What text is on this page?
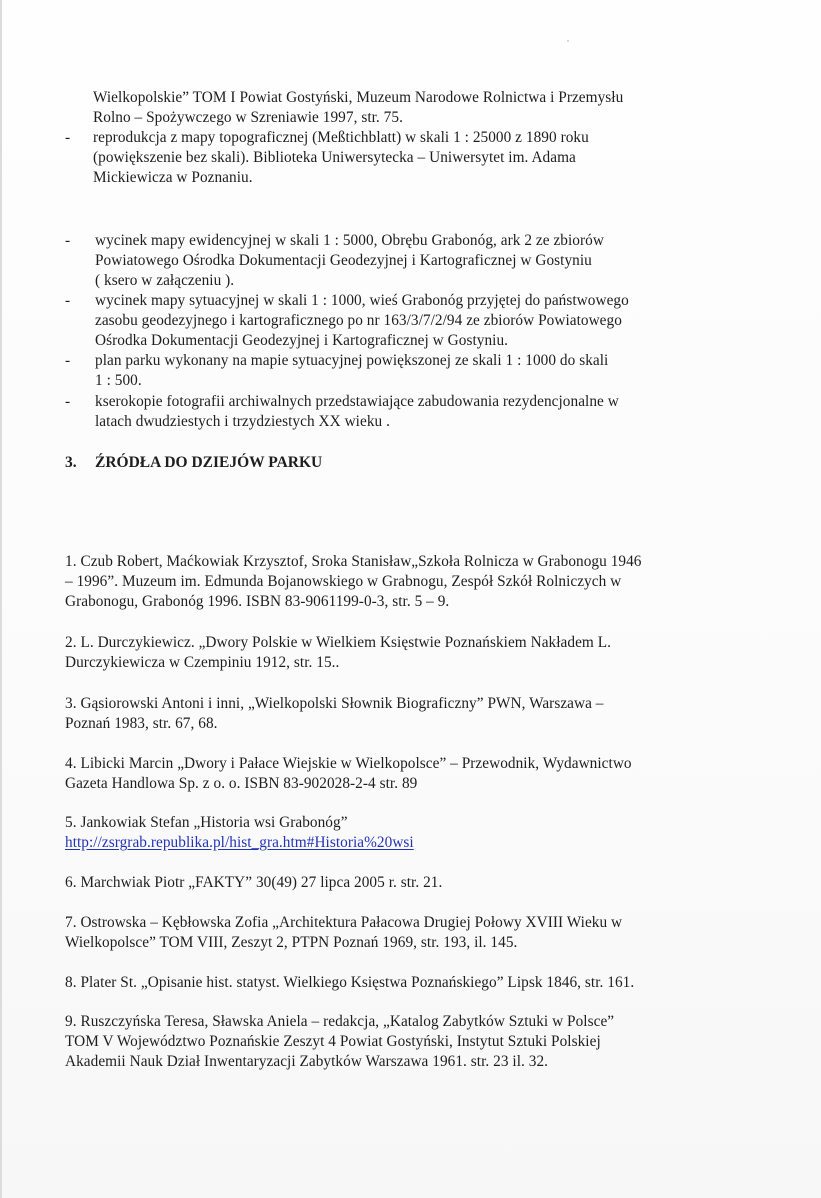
Wielkopolskie” TOM I Powiat Gostyński, Muzeum Narodowe Rolnictwa i Przemysłu

Rolno – Spożywczego w Szreniawie 1997, str. 75.

- reprodukcja z mapy topograficznej (Meßtichblatt) w skali 1 : 25000 z 1890 roku

(powiększenie bez skali). Biblioteka Uniwersytecka – Uniwersytet im. Adama

Mickiewicza w Poznaniu.

- wycinek mapy ewidencyjnej w skali 1 : 5000, Obrębu Grabonóg, ark 2 ze zbiorów

Powiatowego Ośrodka Dokumentacji Geodezyjnej i Kartograficznej w Gostyniu

( ksero w załączeniu ).

- wycinek mapy sytuacyjnej w skali 1 : 1000, wieś Grabonóg przyjętej do państwowego

zasobu geodezyjnego i kartograficznego po nr 163/3/7/2/94 ze zbiorów Powiatowego

Ośrodka Dokumentacji Geodezyjnej i Kartograficznej w Gostyniu.

- plan parku wykonany na mapie sytuacyjnej powiększonej ze skali 1 : 1000 do skali

1 : 500.

- kserokopie fotografii archiwalnych przedstawiające zabudowania rezydencjonalne w

latach dwudziestych i trzydziestych XX wieku .

3. ŹRÓDŁA DO DZIEJÓW PARKU

1. Czub Robert, Maćkowiak Krzysztof, Sroka Stanisław„Szkoła Rolnicza w Grabonogu 1946

– 1996”. Muzeum im. Edmunda Bojanowskiego w Grabnogu, Zespół Szkół Rolniczych w

Grabonogu, Grabonóg 1996. ISBN 83-9061199-0-3, str. 5 – 9.

2. L. Durczykiewicz. „Dwory Polskie w Wielkiem Księstwie Poznańskiem Nakładem L.

Durczykiewicza w Czempiniu 1912, str. 15..

3. Gąsiorowski Antoni i inni, „Wielkopolski Słownik Biograficzny” PWN, Warszawa –

Poznań 1983, str. 67, 68.

4. Libicki Marcin „Dwory i Pałace Wiejskie w Wielkopolsce” – Przewodnik, Wydawnictwo

Gazeta Handlowa Sp. z o. o. ISBN 83-902028-2-4 str. 89

5. Jankowiak Stefan „Historia wsi Grabonóg”

http://zsrgrab.republika.pl/hist_gra.htm#Historia%20wsi

6. Marchwiak Piotr „FAKTY” 30(49) 27 lipca 2005 r. str. 21.

7. Ostrowska – Kębłowska Zofia „Architektura Pałacowa Drugiej Połowy XVIII Wieku w

Wielkopolsce” TOM VIII, Zeszyt 2, PTPN Poznań 1969, str. 193, il. 145.

8. Plater St. „Opisanie hist. statyst. Wielkiego Księstwa Poznańskiego” Lipsk 1846, str. 161.

9. Ruszczyńska Teresa, Sławska Aniela – redakcja, „Katalog Zabytków Sztuki w Polsce”

TOM V Województwo Poznańskie Zeszyt 4 Powiat Gostyński, Instytut Sztuki Polskiej

Akademii Nauk Dział Inwentaryzacji Zabytków Warszawa 1961. str. 23 il. 32.
